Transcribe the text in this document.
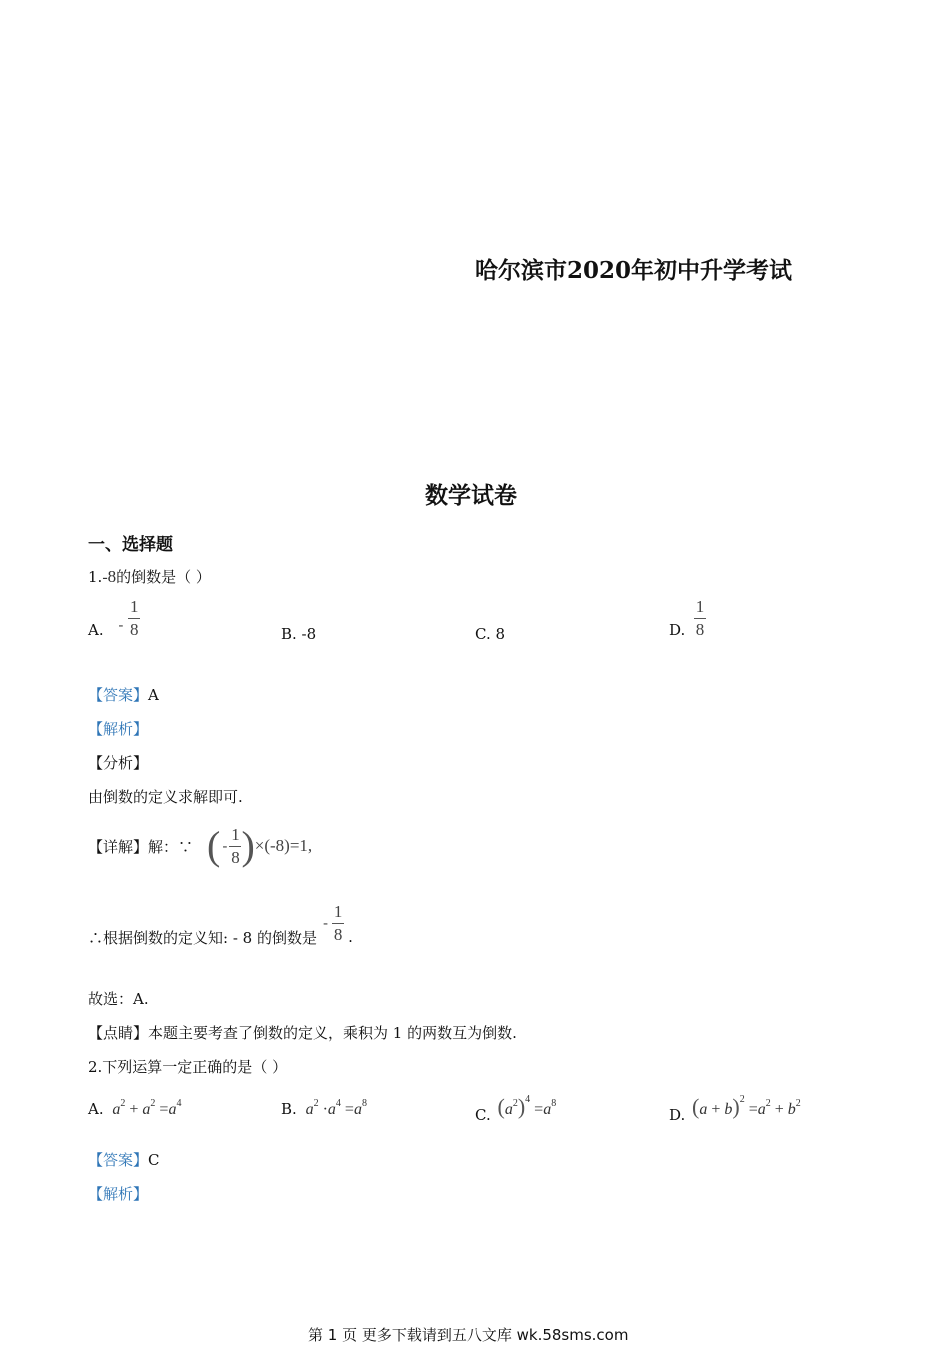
哈尔滨市2020年初中升学考试
数学试卷
一、选择题
1.-8的倒数是（ ）
A. - $\frac{1}{8}$	B. -8	C. 8	D. $\frac{1}{8}$
【答案】A
【解析】
【分析】
由倒数的定义求解即可.
【详解】 解：∵ ( - $\frac{1}{8}$ ) ×(-8)=1,
∴根据倒数的定义知: - 8 的倒数是
- $\frac{1}{8}$ .
故选：A.
【点睛】本题主要考查了倒数的定义，乘积为 1 的两数互为倒数.
2.下列运算一定正确的是（ ）
A. $a^2 + a^2 =a^4$	B. $a^2 \cdot a^4 =a^8$
C. $(a^2)^4 =a^8$
D. $(a + b)^2 =a^2 + b^2$
【答案】C
【解析】
第 1 页 更多下载请到五八文库 wk.58sms.com
